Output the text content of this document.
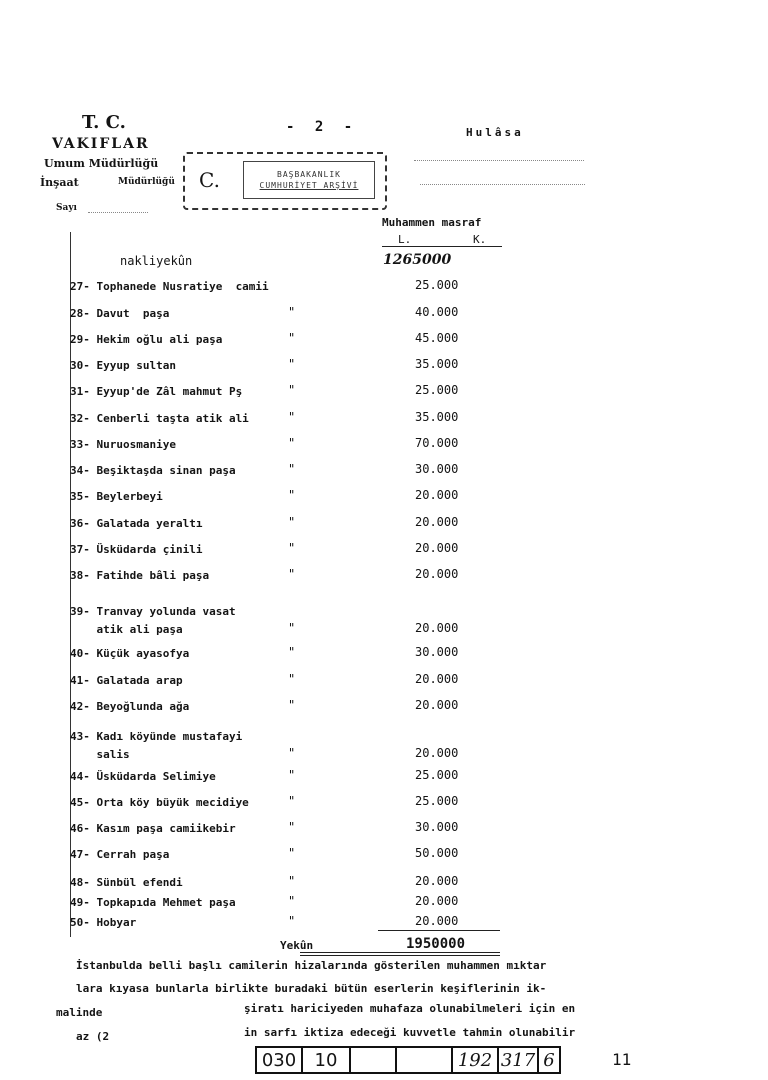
T. C.
VAKIFLAR
Umum Müdürlüğü
İnşaat	Müdürlüğü
Sayı
- 2 -	Hulâsa
C.	BAŞBAKANLIK
CUMHURİYET ARŞİVİ
Muhammen masraf
L.	K.
nakliyekûn	1265000
27- Tophanede Nusratiye  camii	25.000
28- Davut  paşa	"	40.000
29- Hekim oğlu ali paşa	"	45.000
30- Eyyup sultan	"	35.000
31- Eyyup'de Zâl mahmut Pş	"	25.000
32- Cenberli taşta atik ali	"	35.000
33- Nuruosmaniye	"	70.000
34- Beşiktaşda sinan paşa	"	30.000
35- Beylerbeyi	"	20.000
36- Galatada yeraltı	"	20.000
37- Üsküdarda çinili	"	20.000
38- Fatihde bâli paşa	"	20.000
39- Tranvay yolunda vasat
atik ali paşa	"	20.000
40- Küçük ayasofya	"	30.000
41- Galatada arap	"	20.000
42- Beyoğlunda ağa	"	20.000
43- Kadı köyünde mustafayi
salis	"	20.000
44- Üsküdarda Selimiye	"	25.000
45- Orta köy büyük mecidiye	"	25.000
46- Kasım paşa camiikebir	"	30.000
47- Cerrah paşa	"	50.000
48- Sünbül efendi	"	20.000
49- Topkapıda Mehmet paşa	"	20.000
50- Hobyar	"	20.000
Yekûn	1950000
İstanbulda belli başlı camilerin hizalarında gösterilen muhammen mıktar
lara kıyasa bunlarla birlikte buradaki bütün eserlerin keşiflerinin ik-
malinde	şiratı hariciyeden muhafaza olunabilmeleri için en
az (2	in sarfı iktiza edeceği kuvvetle tahmin olunabilir
030	10	192 317 6	11
